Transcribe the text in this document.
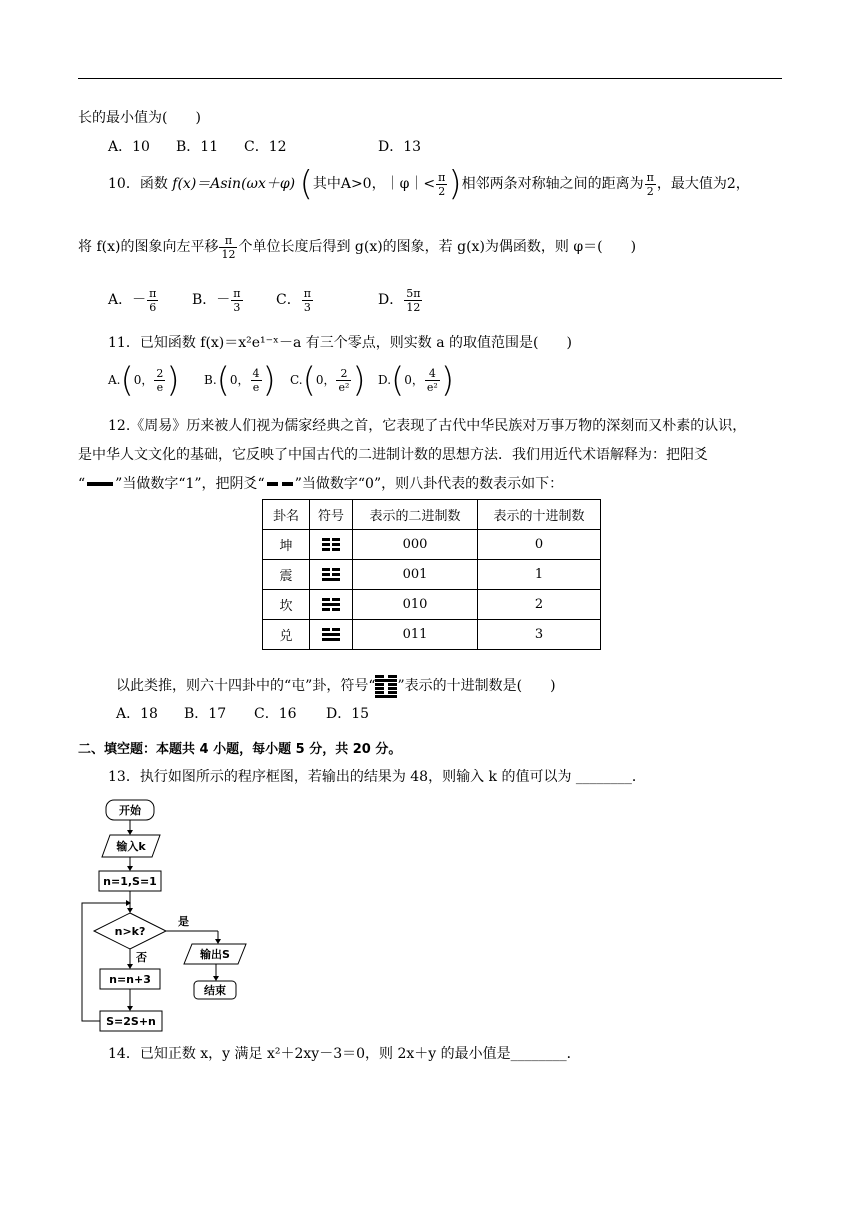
长的最小值为(　　)
A．10 B．11 C．12	D．13
10．函数 f(x)＝Asin(ωx＋φ) (其中A>0，｜φ｜< $\frac{\pi}{2}$ )相邻两条对称轴之间的距离为 $\frac{\pi}{2}$ ，最大值为2，
将 f(x)的图象向左平移 $\frac{\pi}{12}$ 个单位长度后得到 g(x)的图象，若 g(x)为偶函数，则 φ＝(　　)
A．－ $\frac{\pi}{6}$ B．－ $\frac{\pi}{3}$ C． $\frac{\pi}{3}$	D． $\frac{5\pi}{12}$
11．已知函数 f(x)＝x²e¹⁻ˣ－a 有三个零点，则实数 a 的取值范围是(　　)
A.(0， $\frac{2}{e}$ ) B.(0， $\frac{4}{e}$ ) C.(0， $\frac{2}{\text{e²}}$ ) D.(0， $\frac{4}{\text{e²}}$ )
12.《周易》历来被人们视为儒家经典之首，它表现了古代中华民族对万事万物的深刻而又朴素的认识，
是中华人文文化的基础，它反映了中国古代的二进制计数的思想方法．我们用近代术语解释为：把阳爻
“ ”当做数字“1”，把阴爻“ ”当做数字“0”，则八卦代表的数表示如下：
卦名	符号	表示的二进制数	表示的十进制数
坤		000	0
震		001	1
坎		010	2
兑		011	3
以此类推，则六十四卦中的“屯”卦，符号“ ”表示的十进制数是(　　)
A．18 B．17 C．16 D．15
二、填空题：本题共 4 小题，每小题 5 分，共 20 分。
13．执行如图所示的程序框图，若输出的结果为 48，则输入 k 的值可以为 ________．
开始
输入k
n=1,S=1
n>k?
是
输出S
结束
否
n=n+3
S=2S+n
14．已知正数 x，y 满足 x²＋2xy－3＝0，则 2x＋y 的最小值是________．
